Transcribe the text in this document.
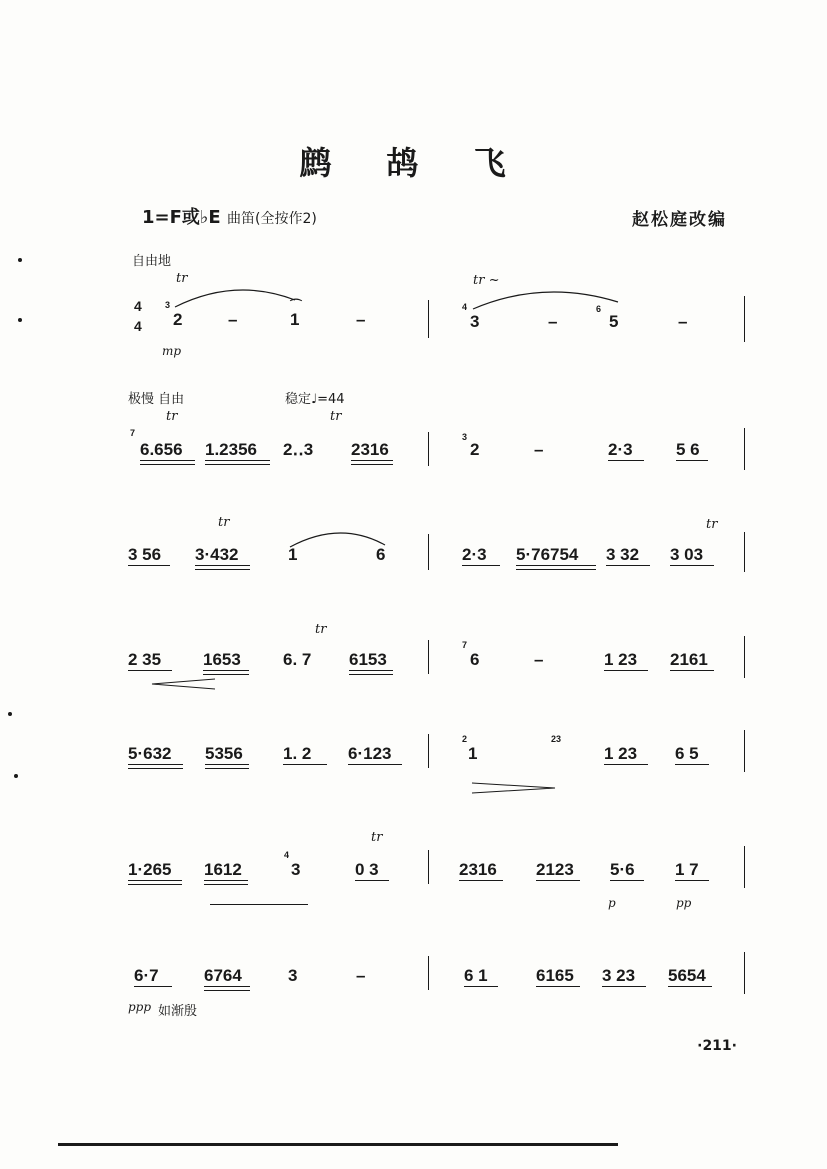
鹧 鸪 飞
1=F或♭E 曲笛(全按作2)	赵松庭改编
自由地
极慢 自由	稳定♩=44
4
4
tr
3
2	–	1
⌒
–
mp
tr ~
4
3	–
6
5	–
tr	tr
7
6.656 1.2356 2‥3 2316
3
2	–	2·3	5 6
tr	tr
3 56 3·432	1	6	2·3 5·76754 3 32 3 03
tr
2 35 1653 6. 7 6153
7
6	–	1 23 2161
5·632 5356 1. 2 6·123
2
1
23
1 23 6 5
tr
1·265 1612
4
3	0 3	2316 2123 5·6 1 7
p	pp
6·7	6764	3	–
ppp 如渐殷
6 1	6165 3 23 5654
·211·
